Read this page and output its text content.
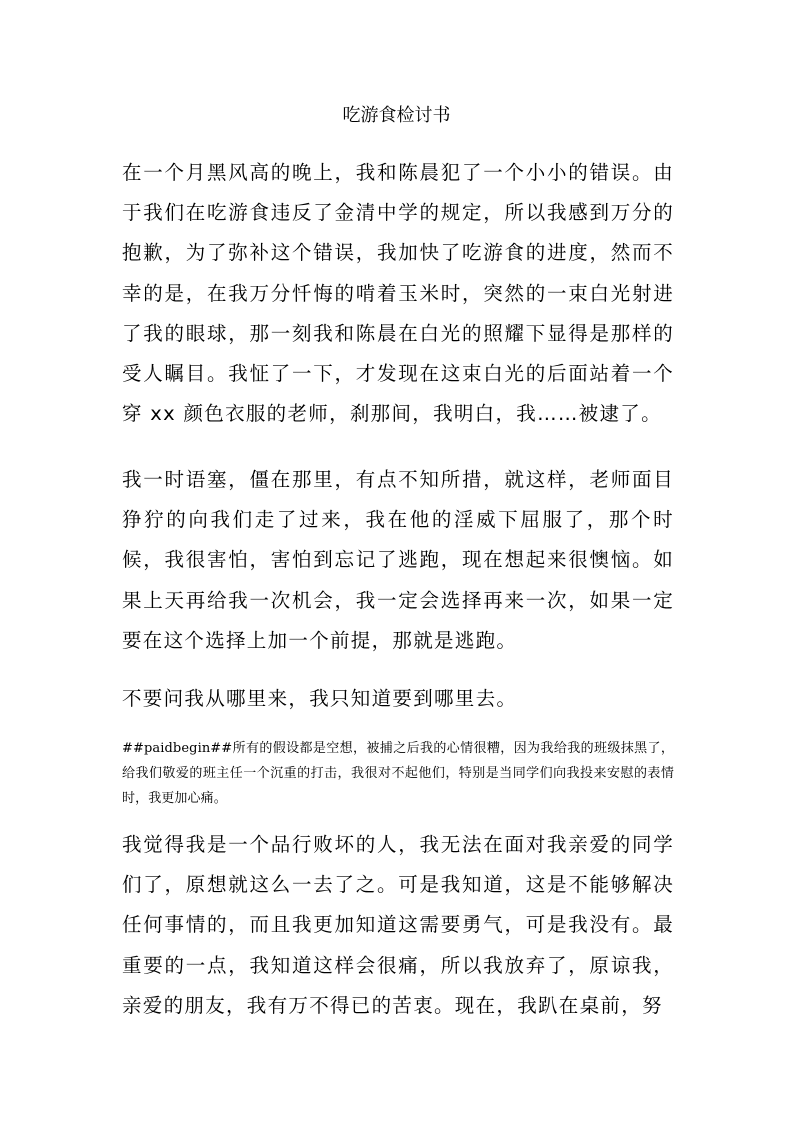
吃游食检讨书

在一个月黑风高的晚上，我和陈晨犯了一个小小的错误。由于我们在吃游食违反了金清中学的规定，所以我感到万分的抱歉，为了弥补这个错误，我加快了吃游食的进度，然而不幸的是，在我万分忏悔的啃着玉米时，突然的一束白光射进了我的眼球，那一刻我和陈晨在白光的照耀下显得是那样的受人瞩目。我怔了一下，才发现在这束白光的后面站着一个穿 xx 颜色衣服的老师，刹那间，我明白，我……被逮了。

我一时语塞，僵在那里，有点不知所措，就这样，老师面目狰狞的向我们走了过来，我在他的淫威下屈服了，那个时候，我很害怕，害怕到忘记了逃跑，现在想起来很懊恼。如果上天再给我一次机会，我一定会选择再来一次，如果一定要在这个选择上加一个前提，那就是逃跑。

不要问我从哪里来，我只知道要到哪里去。

##paidbegin##所有的假设都是空想，被捕之后我的心情很糟，因为我给我的班级抹黑了，给我们敬爱的班主任一个沉重的打击，我很对不起他们，特别是当同学们向我投来安慰的表情时，我更加心痛。

我觉得我是一个品行败坏的人，我无法在面对我亲爱的同学们了，原想就这么一去了之。可是我知道，这是不能够解决任何事情的，而且我更加知道这需要勇气，可是我没有。最重要的一点，我知道这样会很痛，所以我放弃了，原谅我，亲爱的朋友，我有万不得已的苦衷。现在，我趴在桌前，努
